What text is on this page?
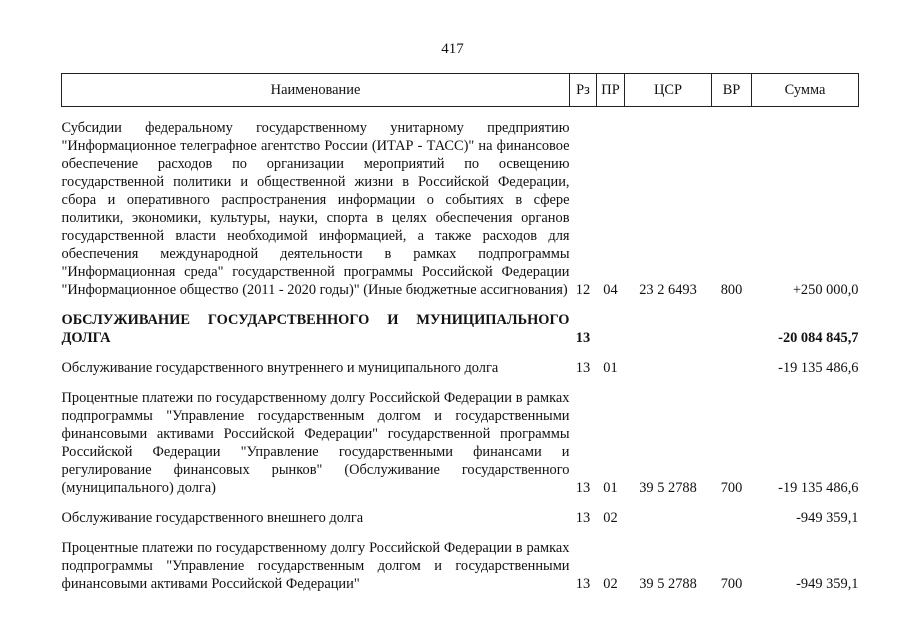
417
Наименование	Рз	ПР	ЦСР	ВР	Сумма

Субсидии федеральному государственному унитарному предприятию "Информационное телеграфное агентство России (ИТАР - ТАСС)" на финансовое обеспечение расходов по организации мероприятий по освещению государственной политики и общественной жизни в Российской Федерации, сбора и оперативного распространения информации о событиях в сфере политики, экономики, культуры, науки, спорта в целях обеспечения органов государственной власти необходимой информацией, а также расходов для обеспечения международной деятельности в рамках подпрограммы "Информационная среда" государственной программы Российской Федерации "Информационное общество (2011 - 2020 годы)" (Иные бюджетные ассигнования)	12	04	23 2 6493	800	+250 000,0

ОБСЛУЖИВАНИЕ ГОСУДАРСТВЕННОГО И МУНИЦИПАЛЬНОГО ДОЛГА	13				-20 084 845,7

Обслуживание государственного внутреннего и муниципального долга	13	01			-19 135 486,6

Процентные платежи по государственному долгу Российской Федерации в рамках подпрограммы "Управление государственным долгом и государственными финансовыми активами Российской Федерации" государственной программы Российской Федерации "Управление государственными финансами и регулирование финансовых рынков" (Обслуживание государственного (муниципального) долга)	13	01	39 5 2788	700	-19 135 486,6

Обслуживание государственного внешнего долга	13	02			-949 359,1

Процентные платежи по государственному долгу Российской Федерации в рамках подпрограммы "Управление государственным долгом и государственными финансовыми активами Российской Федерации"	13	02	39 5 2788	700	-949 359,1
